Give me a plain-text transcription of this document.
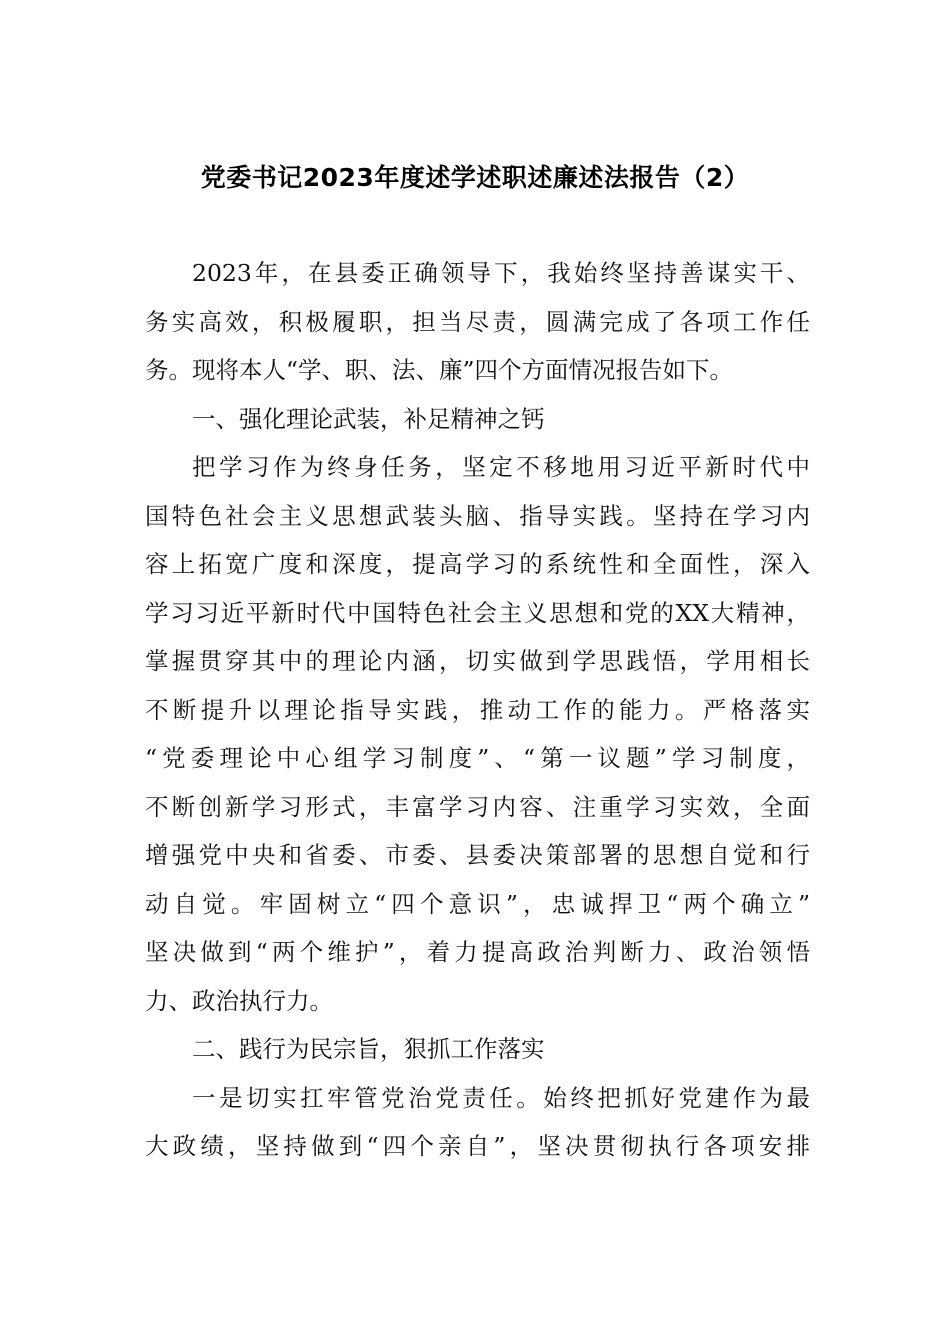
党委书记2023年度述学述职述廉述法报告（2）
2023年，在县委正确领导下，我始终坚持善谋实干、
务实高效，积极履职，担当尽责，圆满完成了各项工作任
务。现将本人“学、职、法、廉”四个方面情况报告如下。
一、强化理论武装，补足精神之钙
把学习作为终身任务，坚定不移地用习近平新时代中
国特色社会主义思想武装头脑、指导实践。坚持在学习内
容上拓宽广度和深度，提高学习的系统性和全面性，深入
学习习近平新时代中国特色社会主义思想和党的XX大精神，
掌握贯穿其中的理论内涵，切实做到学思践悟，学用相长
不断提升以理论指导实践，推动工作的能力。严格落实
“党委理论中心组学习制度”、“第一议题”学习制度，
不断创新学习形式，丰富学习内容、注重学习实效，全面
增强党中央和省委、市委、县委决策部署的思想自觉和行
动自觉。牢固树立“四个意识”，忠诚捍卫“两个确立”
坚决做到“两个维护”，着力提高政治判断力、政治领悟
力、政治执行力。
二、践行为民宗旨，狠抓工作落实
一是切实扛牢管党治党责任。始终把抓好党建作为最
大政绩，坚持做到“四个亲自”，坚决贯彻执行各项安排
